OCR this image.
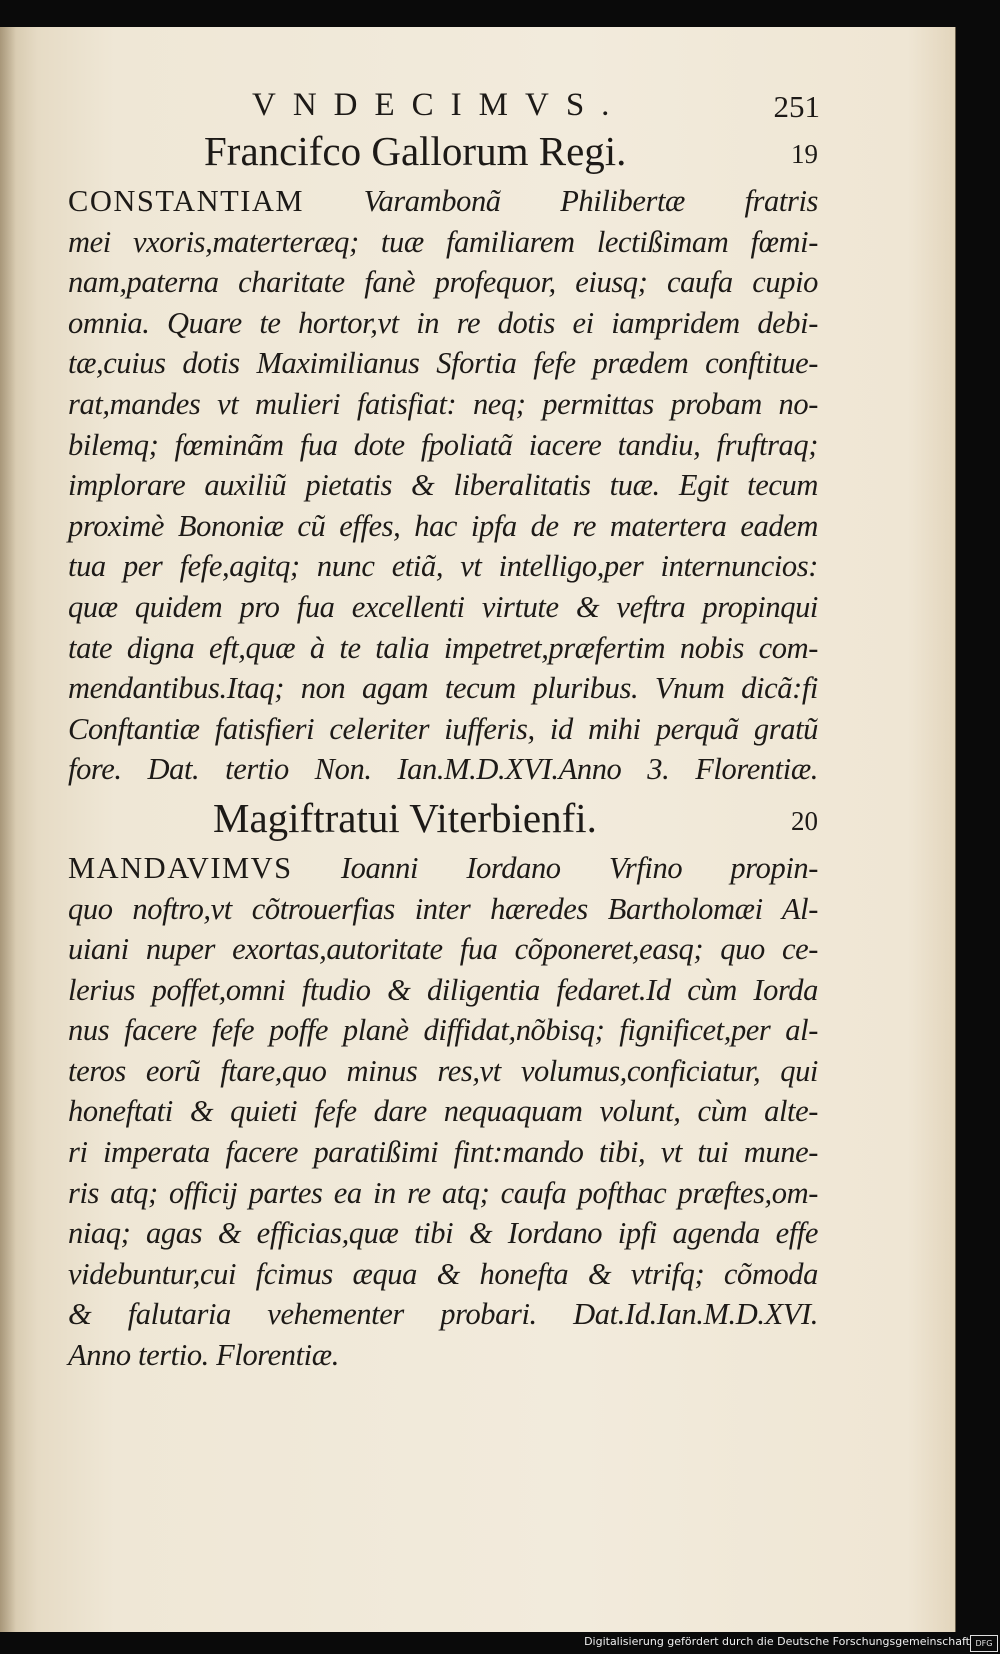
VNDECIMVS.	251
Francifco Gallorum Regi.	19
CONSTANTIAM Varambonã Philibertæ fratris
mei vxoris,materteræq; tuæ familiarem lectißimam fœmi-
nam,paterna charitate fanè profequor, eiusq; caufa cupio
omnia. Quare te hortor,vt in re dotis ei iampridem debi-
tæ,cuius dotis Maximilianus Sfortia fefe prædem conftitue-
rat,mandes vt mulieri fatisfiat: neq; permittas probam no-
bilemq; fœminãm fua dote fpoliatã iacere tandiu, fruftraq;
implorare auxiliũ pietatis & liberalitatis tuæ. Egit tecum
proximè Bononiæ cũ effes, hac ipfa de re matertera eadem
tua per fefe,agitq; nunc etiã, vt intelligo,per internuncios:
quæ quidem pro fua excellenti virtute & veftra propinqui
tate digna eft,quæ à te talia impetret,præfertim nobis com-
mendantibus.Itaq; non agam tecum pluribus. Vnum dicã:fi
Conftantiæ fatisfieri celeriter iufferis, id mihi perquã gratũ
fore. Dat. tertio Non. Ian.M.D.XVI.Anno 3. Florentiæ.
Magiftratui Viterbienfi.	20
MANDAVIMVS Ioanni Iordano Vrfino propin-
quo noftro,vt cõtrouerfias inter hæredes Bartholomæi Al-
uiani nuper exortas,autoritate fua cõponeret,easq; quo ce-
lerius poffet,omni ftudio & diligentia fedaret.Id cùm Iorda
nus facere fefe poffe planè diffidat,nõbisq; fignificet,per al-
teros eorũ ftare,quo minus res,vt volumus,conficiatur, qui
honeftati & quieti fefe dare nequaquam volunt, cùm alte-
ri imperata facere paratißimi fint:mando tibi, vt tui mune-
ris atq; officij partes ea in re atq; caufa pofthac præftes,om-
niaq; agas & efficias,quæ tibi & Iordano ipfi agenda effe
videbuntur,cui fcimus æqua & honefta & vtrifq; cõmoda
& falutaria vehementer probari. Dat.Id.Ian.M.D.XVI.
Anno tertio. Florentiæ.
Digitalisierung gefördert durch die Deutsche Forschungsgemeinschaft DFG
